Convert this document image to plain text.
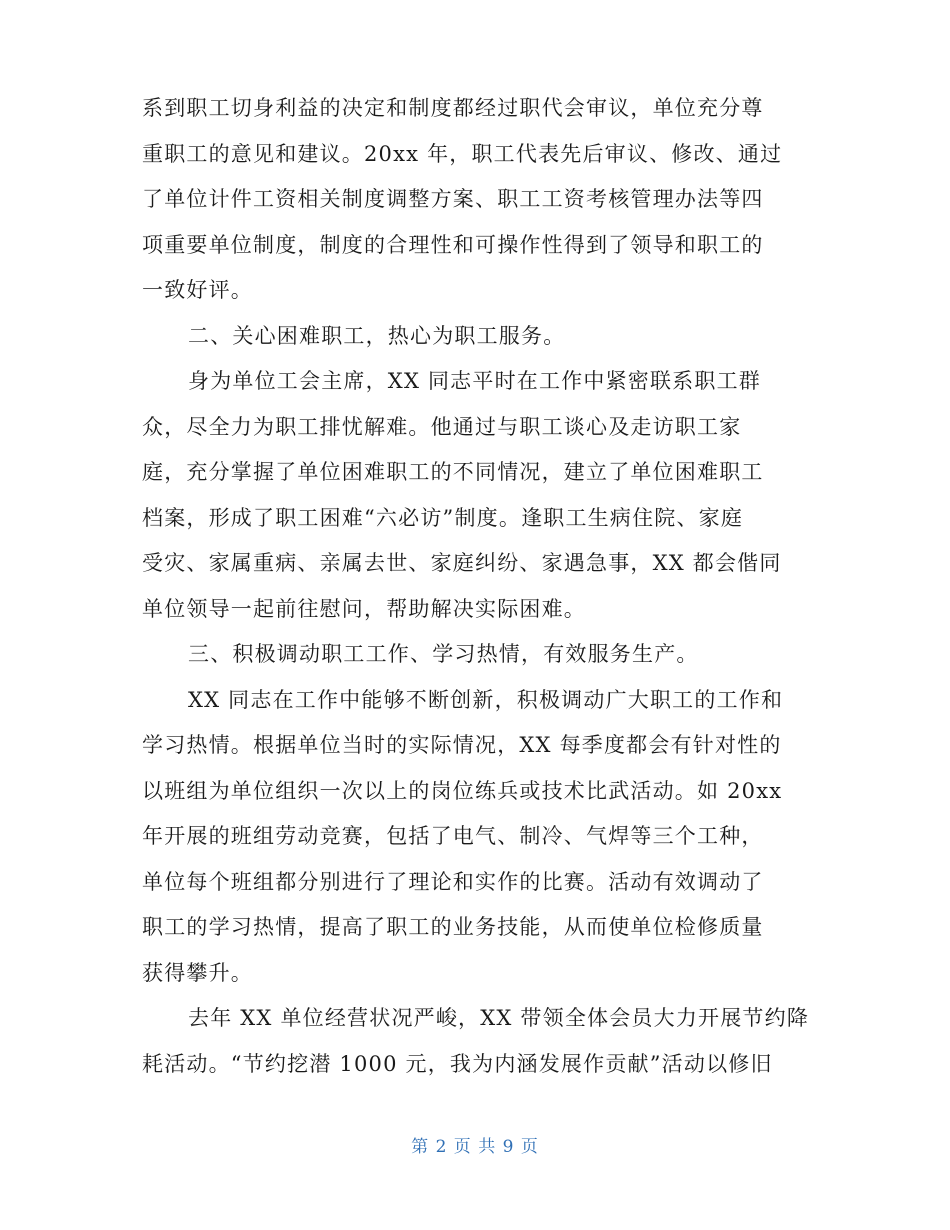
系到职工切身利益的决定和制度都经过职代会审议，单位充分尊
重职工的意见和建议。20xx 年，职工代表先后审议、修改、通过
了单位计件工资相关制度调整方案、职工工资考核管理办法等四
项重要单位制度，制度的合理性和可操作性得到了领导和职工的
一致好评。
二、关心困难职工，热心为职工服务。
身为单位工会主席，XX 同志平时在工作中紧密联系职工群
众，尽全力为职工排忧解难。他通过与职工谈心及走访职工家
庭，充分掌握了单位困难职工的不同情况，建立了单位困难职工
档案，形成了职工困难“六必访”制度。逢职工生病住院、家庭
受灾、家属重病、亲属去世、家庭纠纷、家遇急事，XX 都会偕同
单位领导一起前往慰问，帮助解决实际困难。
三、积极调动职工工作、学习热情，有效服务生产。
XX 同志在工作中能够不断创新，积极调动广大职工的工作和
学习热情。根据单位当时的实际情况，XX 每季度都会有针对性的
以班组为单位组织一次以上的岗位练兵或技术比武活动。如 20xx
年开展的班组劳动竞赛，包括了电气、制冷、气焊等三个工种，
单位每个班组都分别进行了理论和实作的比赛。活动有效调动了
职工的学习热情，提高了职工的业务技能，从而使单位检修质量
获得攀升。
去年 XX 单位经营状况严峻，XX 带领全体会员大力开展节约降
耗活动。“节约挖潜 1000 元，我为内涵发展作贡献”活动以修旧
第 2 页 共 9 页
